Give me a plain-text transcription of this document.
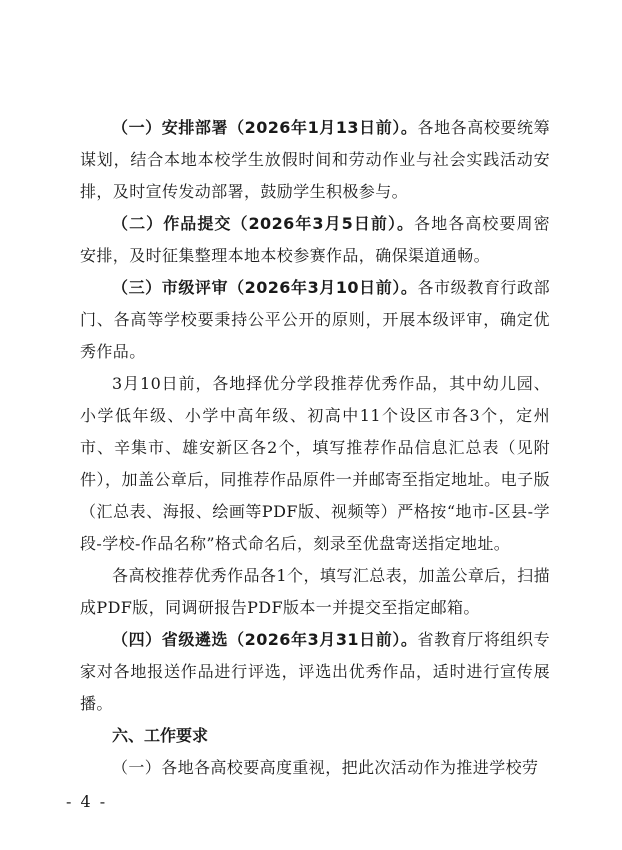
（一）安排部署（2026年1月13日前）。各地各高校要统筹谋划，结合本地本校学生放假时间和劳动作业与社会实践活动安排，及时宣传发动部署，鼓励学生积极参与。

（二）作品提交（2026年3月5日前）。各地各高校要周密安排，及时征集整理本地本校参赛作品，确保渠道通畅。

（三）市级评审（2026年3月10日前）。各市级教育行政部门、各高等学校要秉持公平公开的原则，开展本级评审，确定优秀作品。

3月10日前，各地择优分学段推荐优秀作品，其中幼儿园、小学低年级、小学中高年级、初高中11个设区市各3个，定州市、辛集市、雄安新区各2个，填写推荐作品信息汇总表（见附件），加盖公章后，同推荐作品原件一并邮寄至指定地址。电子版（汇总表、海报、绘画等PDF版、视频等）严格按“地市-区县-学段-学校-作品名称”格式命名后，刻录至优盘寄送指定地址。

各高校推荐优秀作品各1个，填写汇总表，加盖公章后，扫描成PDF版，同调研报告PDF版本一并提交至指定邮箱。

（四）省级遴选（2026年3月31日前）。省教育厅将组织专家对各地报送作品进行评选，评选出优秀作品，适时进行宣传展播。

六、工作要求

（一）各地各高校要高度重视，把此次活动作为推进学校劳

- 4 -
